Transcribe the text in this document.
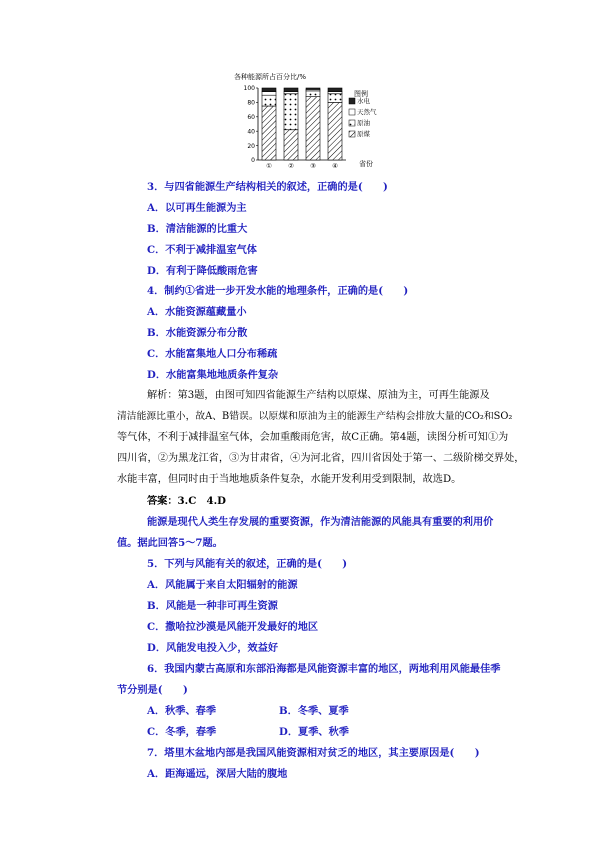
各种能源所占百分比/%
0
20
40
60
80
100
① ② ③ ④
水电
天然气
原油
原煤
省份
图例
3．与四省能源生产结构相关的叙述，正确的是(　　)
A．以可再生能源为主
B．清洁能源的比重大
C．不利于减排温室气体
D．有利于降低酸雨危害
4．制约①省进一步开发水能的地理条件，正确的是(　　)
A．水能资源蕴藏量小
B．水能资源分布分散
C．水能富集地人口分布稀疏
D．水能富集地地质条件复杂
解析：第3题，由图可知四省能源生产结构以原煤、原油为主，可再生能源及
清洁能源比重小，故A、B错误。以原煤和原油为主的能源生产结构会排放大量的CO₂和SO₂
等气体，不利于减排温室气体，会加重酸雨危害，故C正确。第4题，读图分析可知①为
四川省，②为黑龙江省，③为甘肃省，④为河北省，四川省因处于第一、二级阶梯交界处，
水能丰富，但同时由于当地地质条件复杂，水能开发利用受到限制，故选D。
答案：3.C　4.D
能源是现代人类生存发展的重要资源，作为清洁能源的风能具有重要的利用价
值。据此回答5～7题。
5．下列与风能有关的叙述，正确的是(　　)
A．风能属于来自太阳辐射的能源
B．风能是一种非可再生资源
C．撒哈拉沙漠是风能开发最好的地区
D．风能发电投入少，效益好
6．我国内蒙古高原和东部沿海都是风能资源丰富的地区，两地利用风能最佳季
节分别是(　　)
A．秋季、春季	B．冬季、夏季
C．冬季，春季	D．夏季、秋季
7．塔里木盆地内部是我国风能资源相对贫乏的地区，其主要原因是(　　)
A．距海遥远，深居大陆的腹地
